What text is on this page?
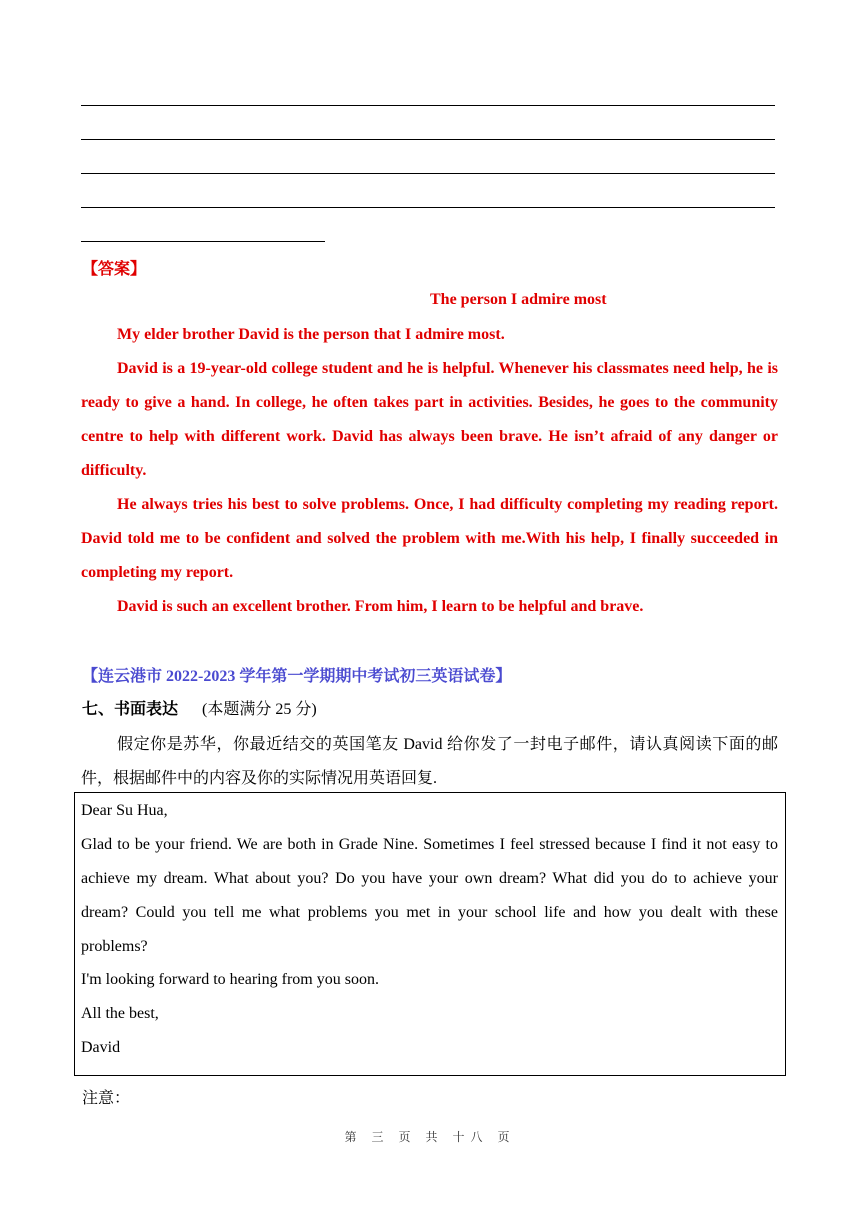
【答案】
The person I admire most

My elder brother David is the person that I admire most.

David is a 19-year-old college student and he is helpful. Whenever his classmates need help, he is ready to give a hand. In college, he often takes part in activities. Besides, he goes to the community centre to help with different work. David has always been brave. He isn’t afraid of any danger or difficulty.

He always tries his best to solve problems. Once, I had difficulty completing my reading report. David told me to be confident and solved the problem with me.With his help, I finally succeeded in completing my report.

David is such an excellent brother. From him, I learn to be helpful and brave.

【连云港市 2022-2023 学年第一学期期中考试初三英语试卷】
七、书面表达 (本题满分 25 分)

假定你是苏华，你最近结交的英国笔友 David 给你发了一封电子邮件，请认真阅读下面的邮件，根据邮件中的内容及你的实际情况用英语回复.

Dear Su Hua,

Glad to be your friend. We are both in Grade Nine. Sometimes I feel stressed because I find it not easy to achieve my dream. What about you? Do you have your own dream? What did you do to achieve your dream? Could you tell me what problems you met in your school life and how you dealt with these problems?

I'm looking forward to hearing from you soon.

All the best,

David

注意：
第 三 页 共 十八 页
